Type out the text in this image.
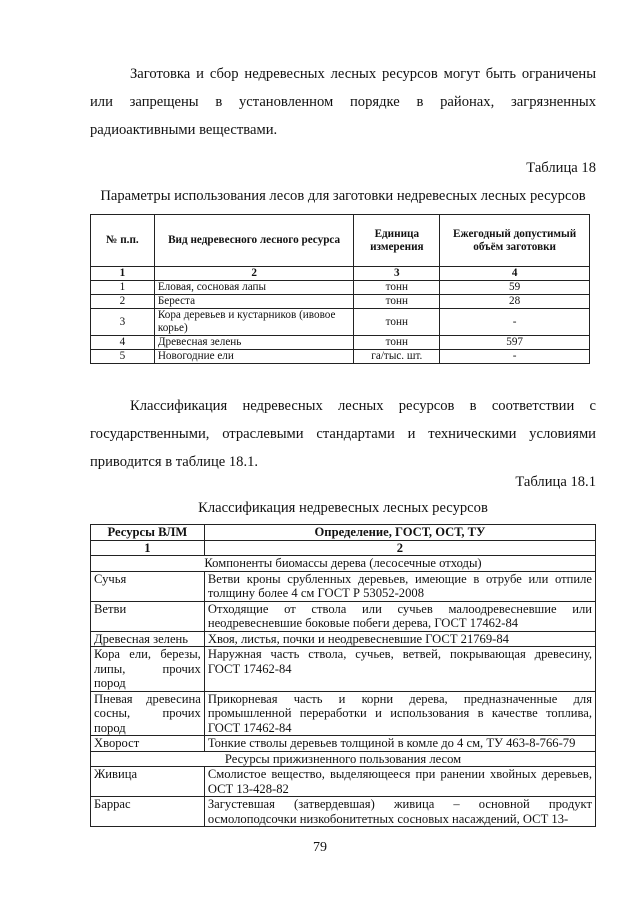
Заготовка и сбор недревесных лесных ресурсов могут быть ограничены или запрещены в установленном порядке в районах, загрязненных радиоактивными веществами.

Таблица 18

Параметры использования лесов для заготовки недревесных лесных ресурсов

№ п.п.	Вид недревесного лесного ресурса	Единица измерения	Ежегодный допустимый объём заготовки
1	2	3	4
1	Еловая, сосновая лапы	тонн	59
2	Береста	тонн	28
3	Кора деревьев и кустарников (ивовое корье)	тонн	-
4	Древесная зелень	тонн	597
5	Новогодние ели	га/тыс. шт.	-

Классификация недревесных лесных ресурсов в соответствии с государственными, отраслевыми стандартами и техническими условиями приводится в таблице 18.1.

Таблица 18.1

Классификация недревесных лесных ресурсов

Ресурсы ВЛМ	Определение, ГОСТ, ОСТ, ТУ
1	2
Компоненты биомассы дерева (лесосечные отходы)	
Сучья	Ветви кроны срубленных деревьев, имеющие в отрубе или отпиле толщину более 4 см ГОСТ Р 53052-2008
Ветви	Отходящие от ствола или сучьев малоодревесневшие или неодревесневшие боковые побеги дерева, ГОСТ 17462-84
Древесная зелень	Хвоя, листья, почки и неодревесневшие ГОСТ 21769-84
Кора ели, березы, липы, прочих пород	Наружная часть ствола, сучьев, ветвей, покрывающая древесину, ГОСТ 17462-84
Пневая древесина сосны, прочих пород	Прикорневая часть и корни дерева, предназначенные для промышленной переработки и использования в качестве топлива, ГОСТ 17462-84
Хворост	Тонкие стволы деревьев толщиной в комле до 4 см, ТУ 463-8-766-79
Ресурсы прижизненного пользования лесом	
Живица	Смолистое вещество, выделяющееся при ранении хвойных деревьев, ОСТ 13-428-82
Баррас	Загустевшая (затвердевшая) живица – основной продукт осмолоподсочки низкобонитетных сосновых насаждений, ОСТ 13-

79
